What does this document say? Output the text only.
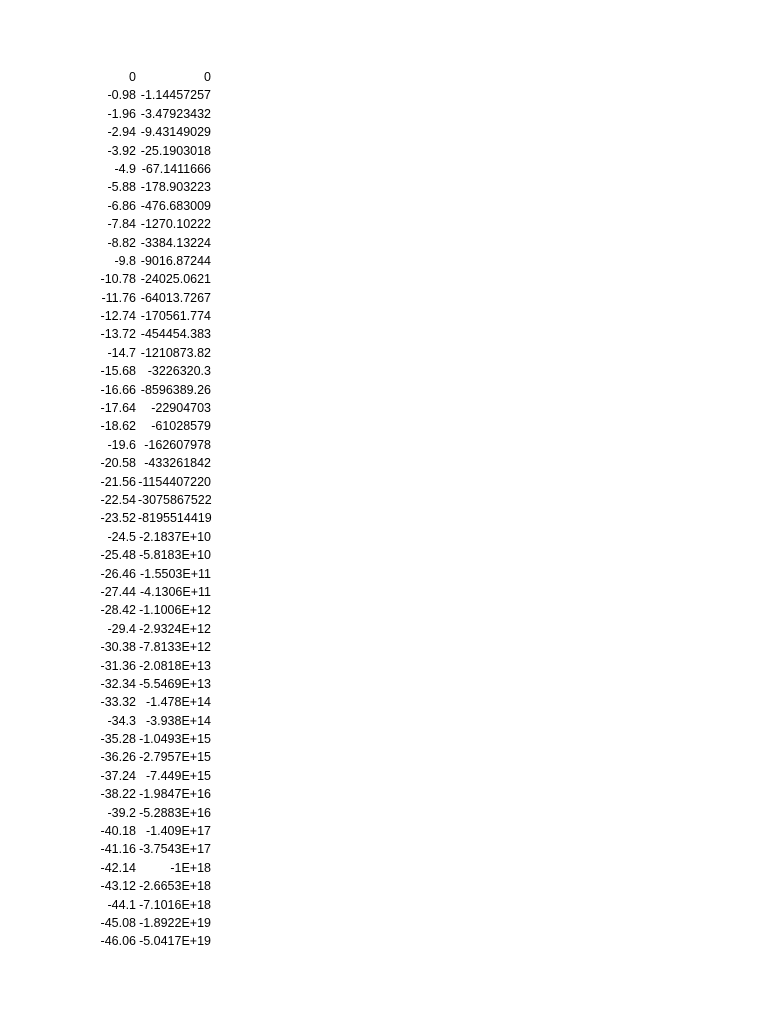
0	0
-0.98 -1.14457257
-1.96 -3.47923432
-2.94 -9.43149029
-3.92 -25.1903018
-4.9 -67.1411666
-5.88 -178.903223
-6.86 -476.683009
-7.84 -1270.10222
-8.82 -3384.13224
-9.8 -9016.87244
-10.78 -24025.0621
-11.76 -64013.7267
-12.74 -170561.774
-13.72 -454454.383
-14.7 -1210873.82
-15.68 -3226320.3
-16.66 -8596389.26
-17.64	-22904703
-18.62	-61028579
-19.6 -162607978
-20.58 -433261842
-21.56 -1154407220
-22.54 -3075867522
-23.52 -8195514419
-24.5 -2.1837E+10
-25.48 -5.8183E+10
-26.46 -1.5503E+11
-27.44 -4.1306E+11
-28.42 -1.1006E+12
-29.4 -2.9324E+12
-30.38 -7.8133E+12
-31.36 -2.0818E+13
-32.34 -5.5469E+13
-33.32 -1.478E+14
-34.3 -3.938E+14
-35.28 -1.0493E+15
-36.26 -2.7957E+15
-37.24 -7.449E+15
-38.22 -1.9847E+16
-39.2 -5.2883E+16
-40.18 -1.409E+17
-41.16 -3.7543E+17
-42.14	-1E+18
-43.12 -2.6653E+18
-44.1 -7.1016E+18
-45.08 -1.8922E+19
-46.06 -5.0417E+19
